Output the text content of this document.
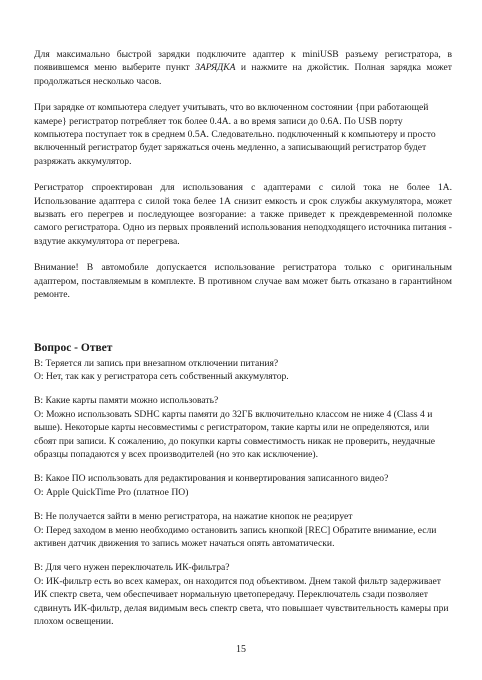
Для максимально быстрой зарядки подключите адаптер к miniUSB разъему регистратора, в появившемся меню выберите пункт ЗАРЯДКА и нажмите на джойстик. Полная зарядка может продолжаться несколько часов.

При зарядке от компьютера следует учитывать, что во включенном состоянии {при работающей камере} регистратор потребляет ток более 0.4А. а во время записи до 0.6А. По USB порту компьютера поступает ток в среднем 0.5А. Следовательно. подключенный к компьютеру и просто включенный регистратор будет заряжаться очень медленно, а записывающий регистратор будет разряжать аккумулятор.

Регистратор спроектирован для использования с адаптерами с силой тока не более 1А. Использование адаптера с силой тока белее 1А снизит емкость и срок службы аккумулятора, может вызвать его перегрев и последующее возгорание: а также приведет к преждевременной поломке самого регистратора. Одно из первых проявлений использования неподходящего источника питания - вздутие аккумулятора от перегрева.

Внимание! В автомобиле допускается использование регистратора только с оригинальным адаптером, поставляемым в комплекте. В противном случае вам может быть отказано в гарантийном ремонте.

Вопрос - Ответ
В: Теряется ли запись при внезапном отключении питания?
О: Нет, так как у регистратора сеть собственный аккумулятор.
В: Какие карты памяти можно использовать?
О: Можно использовать SDHC карты памяти до 32ГБ включительно классом не ниже 4 (Class 4 и выше). Некоторые карты несовместимы с регистратором, такие карты или не определяются, или сбоят при записи. К сожалению, до покупки карты совместимость никак не проверить, неудачные образцы попадаются у всех производителей (но это как исключение).
В: Какое ПО использовать для редактирования и конвертирования записанного видео?
О: Apple QuickTime Pro (платное ПО)
В: Не получается зайти в меню регистратора, на нажатие кнопок не реа;ирует
О: Перед заходом в меню необходимо остановить запись кнопкой [REC] Обратите внимание, если активен датчик движения то запись может начаться опять автоматически.
В: Для чего нужен переключатель ИК-фильтра?
О: ИК-фильтр есть во всех камерах, он находится под объективом. Днем такой фильтр задерживает ИК спектр света, чем обеспечивает нормальную цветопередачу. Переключатель сзади позволяет сдвинуть ИК-фильтр, делая видимым весь спектр света, что повышает чувствительность камеры при плохом освещении.
15
